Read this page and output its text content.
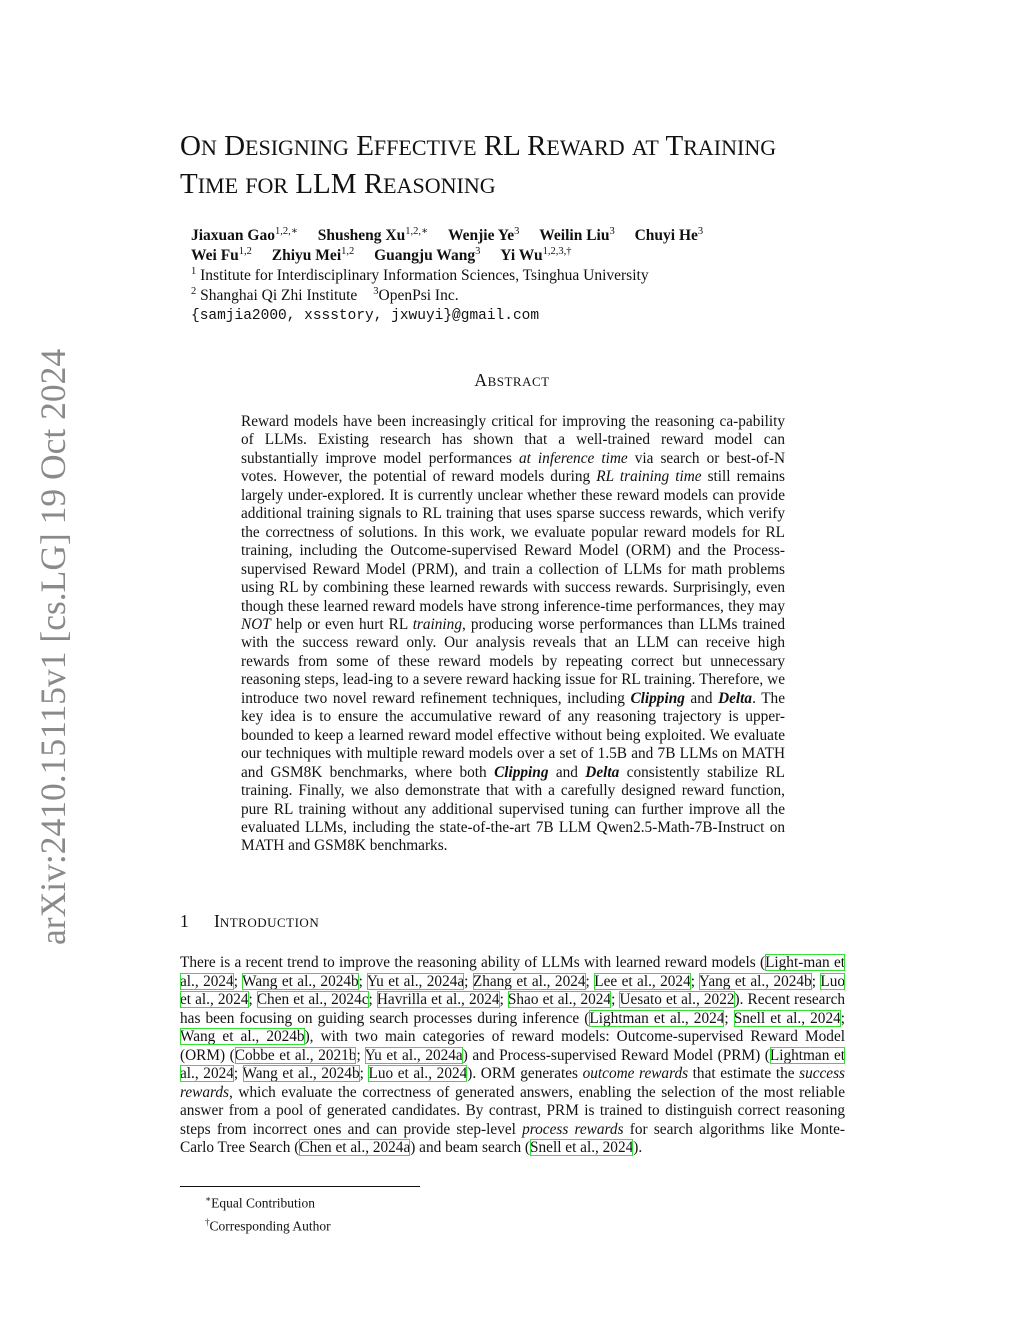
arXiv:2410.15115v1 [cs.LG] 19 Oct 2024
ON DESIGNING EFFECTIVE RL REWARD AT TRAINING
TIME FOR LLM REASONING
Jiaxuan Gao$^{1,2,∗}$ Shusheng $Xu^{1,2,∗}$ Wenjie Ye$^3$ Weilin Liu$^3$ Chuyi He$^3$
Wei Fu$^{1,2}$ Zhiyu Mei$^{1,2}$ Guangju Wang$^3$ Yi $Wu^{1,2,3,\dagger}$
$^1$ Institute for Interdisciplinary Information Sciences, Tsinghua University
$^2$ Shanghai Qi Zhi Institute $^3$OpenPsi Inc.
{samjia2000, xssstory, jxwuyi}@gmail.com
ABSTRACT
Reward models have been increasingly critical for improving the reasoning ca-pability of LLMs. Existing research has shown that a well-trained reward model can substantially improve model performances at inference time via search or best-of-N votes. However, the potential of reward models during RL training time still remains largely under-explored. It is currently unclear whether these reward models can provide additional training signals to RL training that uses sparse success rewards, which verify the correctness of solutions. In this work, we evaluate popular reward models for RL training, including the Outcome-supervised Reward Model (ORM) and the Process-supervised Reward Model (PRM), and train a collection of LLMs for math problems using RL by combining these learned rewards with success rewards. Surprisingly, even though these learned reward models have strong inference-time performances, they may NOT help or even hurt RL training, producing worse performances than LLMs trained with the success reward only. Our analysis reveals that an LLM can receive high rewards from some of these reward models by repeating correct but unnecessary reasoning steps, lead-ing to a severe reward hacking issue for RL training. Therefore, we introduce two novel reward refinement techniques, including Clipping and Delta. The key idea is to ensure the accumulative reward of any reasoning trajectory is upper-bounded to keep a learned reward model effective without being exploited. We evaluate our techniques with multiple reward models over a set of 1.5B and 7B LLMs on MATH and GSM8K benchmarks, where both Clipping and Delta consistently stabilize RL training. Finally, we also demonstrate that with a carefully designed reward function, pure RL training without any additional supervised tuning can further improve all the evaluated LLMs, including the state-of-the-art 7B LLM Qwen2.5-Math-7B-Instruct on MATH and GSM8K benchmarks.
1 INTRODUCTION
There is a recent trend to improve the reasoning ability of LLMs with learned reward models (Light-man et al., 2024; Wang et al., 2024b; Yu et al., 2024a; Zhang et al., 2024; Lee et al., 2024; Yang et al., 2024b; Luo et al., 2024; Chen et al., 2024c; Havrilla et al., 2024; Shao et al., 2024; Uesato et al., 2022). Recent research has been focusing on guiding search processes during inference (Lightman et al., 2024; Snell et al., 2024; Wang et al., 2024b), with two main categories of reward models: Outcome-supervised Reward Model (ORM) (Cobbe et al., 2021b; Yu et al., 2024a) and Process-supervised Reward Model (PRM) (Lightman et al., 2024; Wang et al., 2024b; Luo et al., 2024). ORM generates outcome rewards that estimate the success rewards, which evaluate the correctness of generated answers, enabling the selection of the most reliable answer from a pool of generated candidates. By contrast, PRM is trained to distinguish correct reasoning steps from incorrect ones and can provide step-level process rewards for search algorithms like Monte-Carlo Tree Search (Chen et al., 2024a) and beam search (Snell et al., 2024).
∗Equal Contribution
†Corresponding Author
